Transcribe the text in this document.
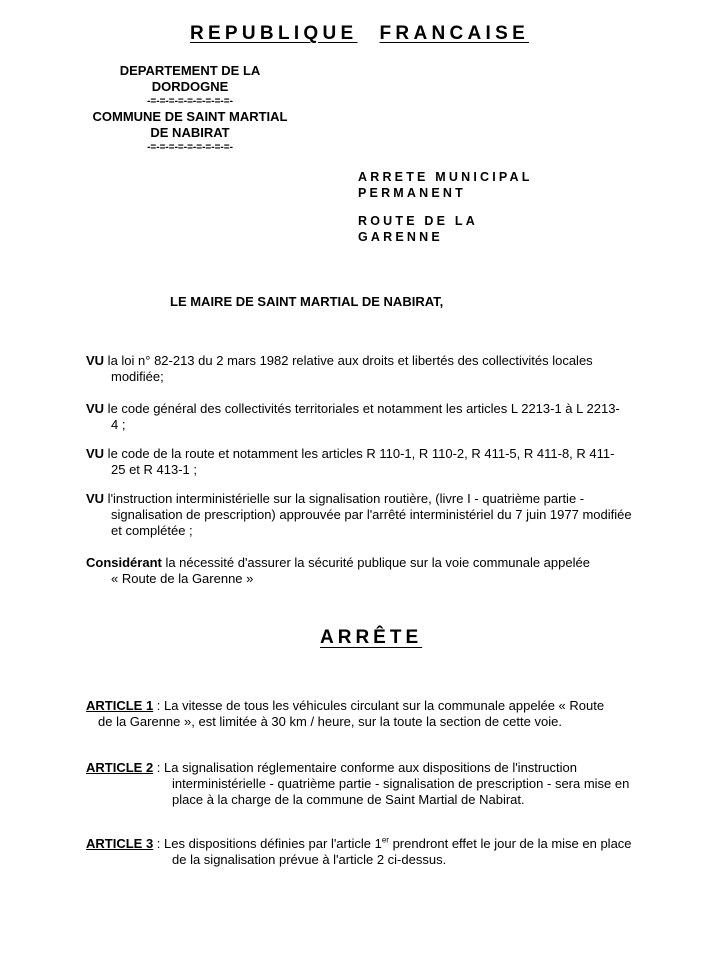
REPUBLIQUE FRANCAISE
DEPARTEMENT DE LA
DORDOGNE
-=-=-=-=-=-=-=-=-=-
COMMUNE DE SAINT MARTIAL
DE NABIRAT
-=-=-=-=-=-=-=-=-=-
ARRETE MUNICIPAL
PERMANENT
ROUTE DE LA
GARENNE
LE MAIRE DE SAINT MARTIAL DE NABIRAT,
VU la loi n° 82-213 du 2 mars 1982 relative aux droits et libertés des collectivités locales
modifiée;
VU le code général des collectivités territoriales et notamment les articles L 2213-1 à L 2213-
4 ;
VU le code de la route et notamment les articles R 110-1, R 110-2, R 411-5, R 411-8, R 411-
25 et R 413-1 ;
VU l'instruction interministérielle sur la signalisation routière, (livre I - quatrième partie -
signalisation de prescription) approuvée par l'arrêté interministériel du 7 juin 1977 modifiée
et complétée ;
Considérant la nécessité d'assurer la sécurité publique sur la voie communale appelée
« Route de la Garenne »
ARRÊTE
ARTICLE 1 : La vitesse de tous les véhicules circulant sur la communale appelée « Route
de la Garenne », est limitée à 30 km / heure, sur la toute la section de cette voie.
ARTICLE 2 : La signalisation réglementaire conforme aux dispositions de l'instruction
interministérielle - quatrième partie - signalisation de prescription - sera mise en
place à la charge de la commune de Saint Martial de Nabirat.
ARTICLE 3 : Les dispositions définies par l'article 1er prendront effet le jour de la mise en place
de la signalisation prévue à l'article 2 ci-dessus.
